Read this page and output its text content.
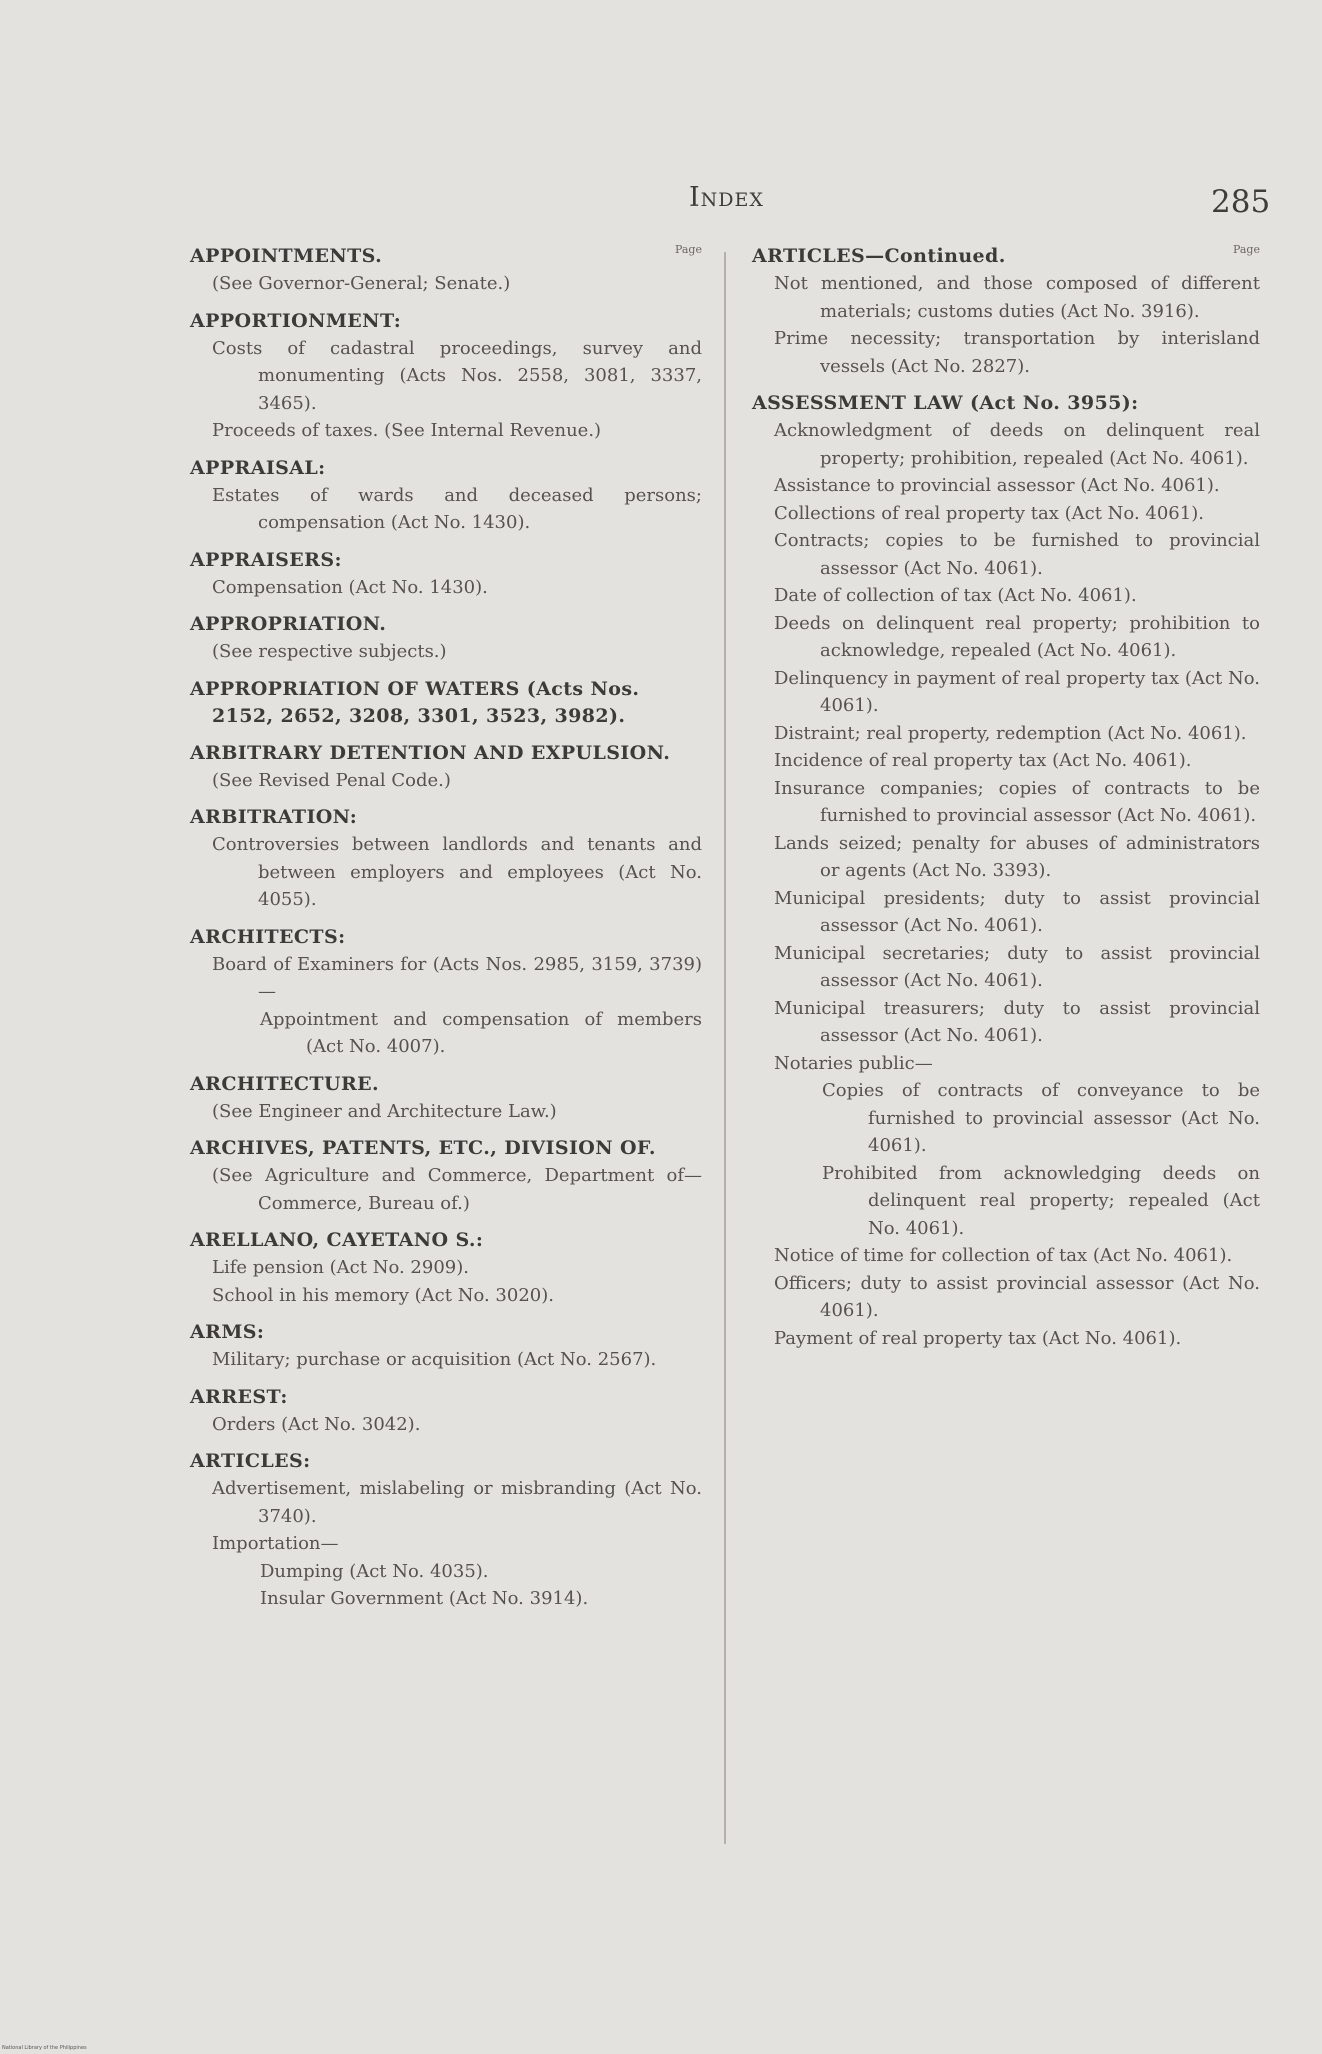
Index	285
Page
APPOINTMENTS.
(See Governor-General; Senate.)
APPORTIONMENT:
Costs of cadastral proceedings, survey and monumenting (Acts Nos. 2558, 3081, 3337, 3465).
Proceeds of taxes. (See Internal Revenue.)
APPRAISAL:
Estates of wards and deceased persons; compensation (Act No. 1430).
APPRAISERS:
Compensation (Act No. 1430).
APPROPRIATION.
(See respective subjects.)
APPROPRIATION OF WATERS (Acts Nos. 2152, 2652, 3208, 3301, 3523, 3982).
ARBITRARY DETENTION AND EXPULSION.
(See Revised Penal Code.)
ARBITRATION:
Controversies between landlords and tenants and between employers and employees (Act No. 4055).
ARCHITECTS:
Board of Examiners for (Acts Nos. 2985, 3159, 3739)—
Appointment and compensation of members (Act No. 4007).
ARCHITECTURE.
(See Engineer and Architecture Law.)
ARCHIVES, PATENTS, ETC., DIVISION OF.
(See Agriculture and Commerce, Department of—Commerce, Bureau of.)
ARELLANO, CAYETANO S.:
Life pension (Act No. 2909).
School in his memory (Act No. 3020).
ARMS:
Military; purchase or acquisition (Act No. 2567).
ARREST:
Orders (Act No. 3042).
ARTICLES:
Advertisement, mislabeling or misbranding (Act No. 3740).
Importation—
Dumping (Act No. 4035).
Insular Government (Act No. 3914).
Page
ARTICLES—Continued.
Not mentioned, and those composed of different materials; customs duties (Act No. 3916).
Prime necessity; transportation by interisland vessels (Act No. 2827).
ASSESSMENT LAW (Act No. 3955):
Acknowledgment of deeds on delinquent real property; prohibition, repealed (Act No. 4061).
Assistance to provincial assessor (Act No. 4061).
Collections of real property tax (Act No. 4061).
Contracts; copies to be furnished to provincial assessor (Act No. 4061).
Date of collection of tax (Act No. 4061).
Deeds on delinquent real property; prohibition to acknowledge, repealed (Act No. 4061).
Delinquency in payment of real property tax (Act No. 4061).
Distraint; real property, redemption (Act No. 4061).
Incidence of real property tax (Act No. 4061).
Insurance companies; copies of contracts to be furnished to provincial assessor (Act No. 4061).
Lands seized; penalty for abuses of administrators or agents (Act No. 3393).
Municipal presidents; duty to assist provincial assessor (Act No. 4061).
Municipal secretaries; duty to assist provincial assessor (Act No. 4061).
Municipal treasurers; duty to assist provincial assessor (Act No. 4061).
Notaries public—
Copies of contracts of conveyance to be furnished to provincial assessor (Act No. 4061).
Prohibited from acknowledging deeds on delinquent real property; repealed (Act No. 4061).
Notice of time for collection of tax (Act No. 4061).
Officers; duty to assist provincial assessor (Act No. 4061).
Payment of real property tax (Act No. 4061).
National Library of the Philippines
